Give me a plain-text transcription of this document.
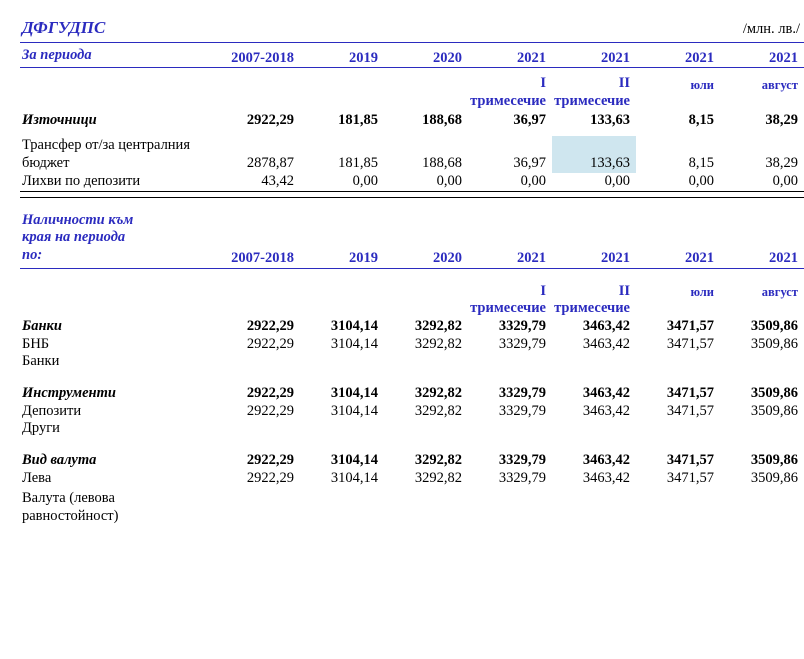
ДФГУДПС						/млн. лв./	
За периода	2007-2018	2019	2020	2021	2021	2021	2021

				I	II	юли	август
				тримесечие	тримесечие		
Източници	2922,29	181,85	188,68	36,97	133,63	8,15	38,29

Трансфер от/за централния бюджет	2878,87	181,85	188,68	36,97	133,63	8,15	38,29
Лихви по депозити	43,42	0,00	0,00	0,00	0,00	0,00	0,00

Наличности към							
края на периода							
по:	2007-2018	2019	2020	2021	2021	2021	2021

				I	II	юли	август
				тримесечие	тримесечие		
Банки	2922,29	3104,14	3292,82	3329,79	3463,42	3471,57	3509,86
БНБ	2922,29	3104,14	3292,82	3329,79	3463,42	3471,57	3509,86
Банки							

Инструменти	2922,29	3104,14	3292,82	3329,79	3463,42	3471,57	3509,86
Депозити	2922,29	3104,14	3292,82	3329,79	3463,42	3471,57	3509,86
Други							

Вид валута	2922,29	3104,14	3292,82	3329,79	3463,42	3471,57	3509,86
Лева	2922,29	3104,14	3292,82	3329,79	3463,42	3471,57	3509,86

Валута (левова равностойност)							
